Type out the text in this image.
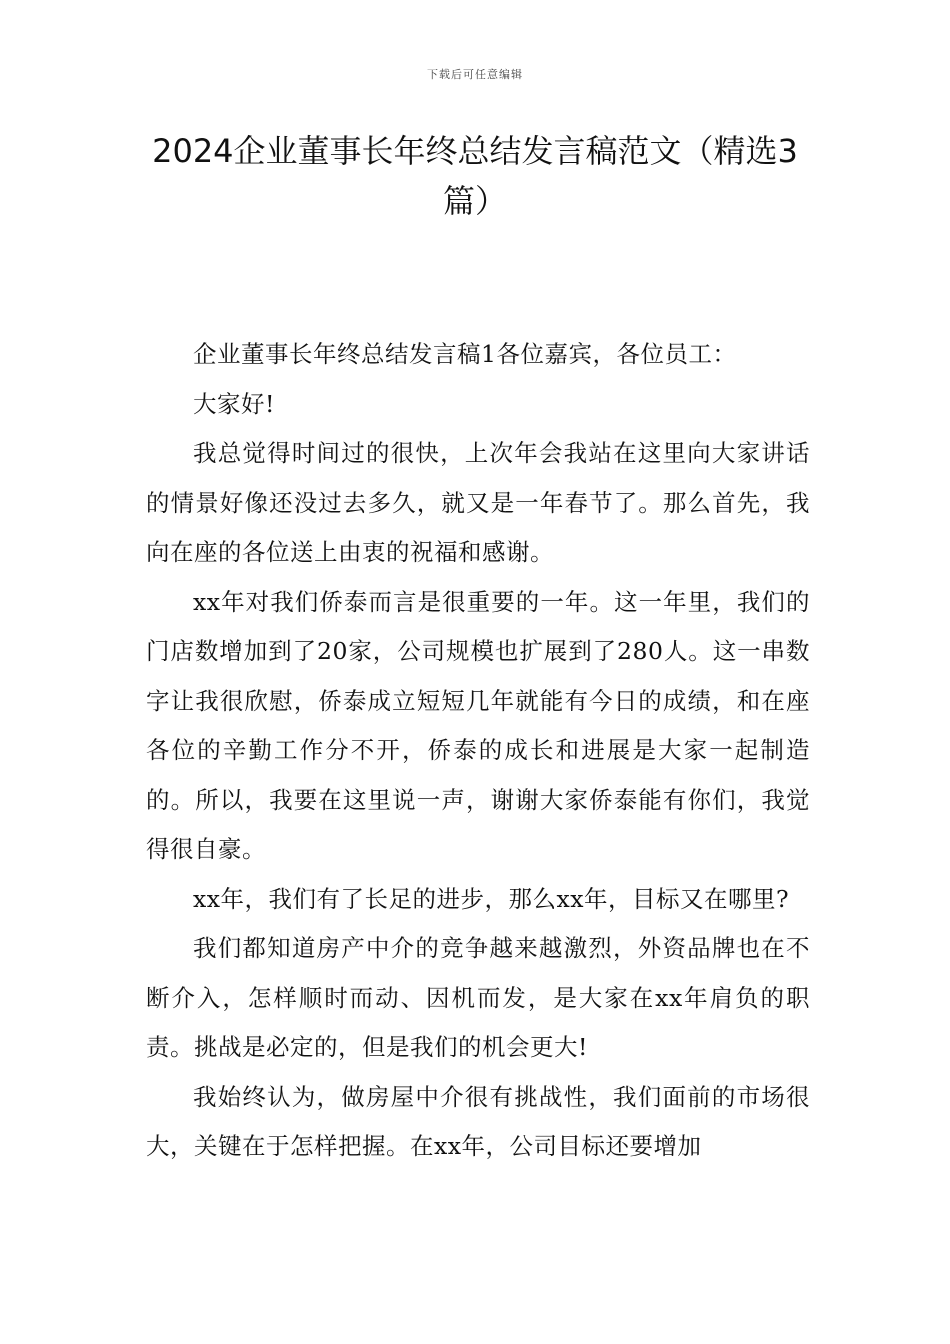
下载后可任意编辑
2024企业董事长年终总结发言稿范文（精选3篇）

企业董事长年终总结发言稿1各位嘉宾，各位员工：

大家好!

我总觉得时间过的很快，上次年会我站在这里向大家讲话的情景好像还没过去多久，就又是一年春节了。那么首先，我向在座的各位送上由衷的祝福和感谢。

xx年对我们侨泰而言是很重要的一年。这一年里，我们的门店数增加到了20家，公司规模也扩展到了280人。这一串数字让我很欣慰，侨泰成立短短几年就能有今日的成绩，和在座各位的辛勤工作分不开，侨泰的成长和进展是大家一起制造的。所以，我要在这里说一声，谢谢大家侨泰能有你们，我觉得很自豪。

xx年，我们有了长足的进步，那么xx年，目标又在哪里?

我们都知道房产中介的竞争越来越激烈，外资品牌也在不断介入，怎样顺时而动、因机而发，是大家在xx年肩负的职责。挑战是必定的，但是我们的机会更大!

我始终认为，做房屋中介很有挑战性，我们面前的市场很大，关键在于怎样把握。在xx年，公司目标还要增加
